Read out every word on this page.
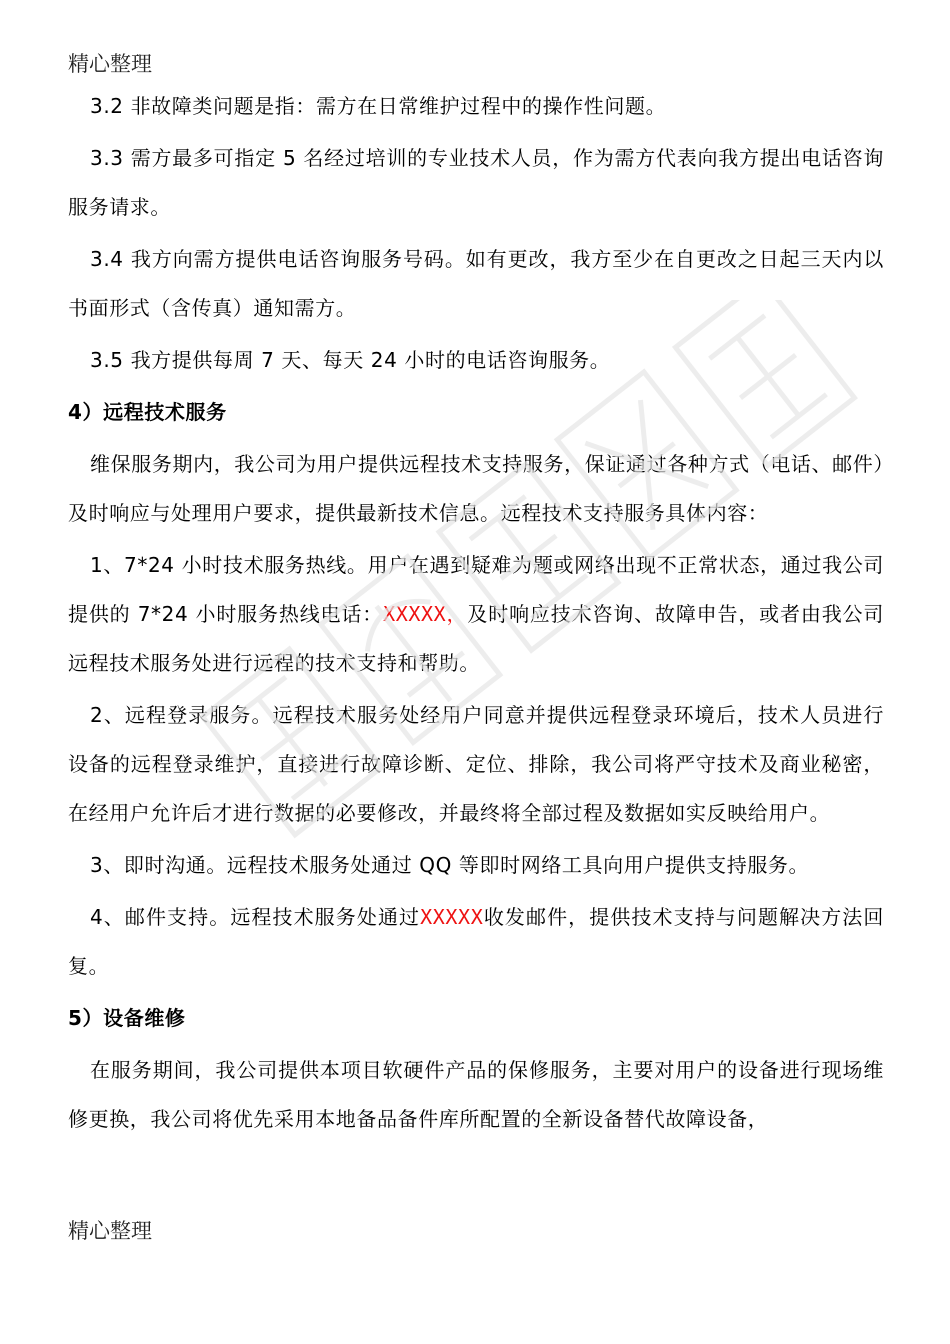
精心整理

3.2 非故障类问题是指：需方在日常维护过程中的操作性问题。

3.3 需方最多可指定 5 名经过培训的专业技术人员，作为需方代表向我方提出电话咨询服务请求。

3.4 我方向需方提供电话咨询服务号码。如有更改，我方至少在自更改之日起三天内以书面形式（含传真）通知需方。

3.5 我方提供每周 7 天、每天 24 小时的电话咨询服务。

4）远程技术服务

维保服务期内，我公司为用户提供远程技术支持服务，保证通过各种方式（电话、邮件）及时响应与处理用户要求，提供最新技术信息。远程技术支持服务具体内容：

1、7*24 小时技术服务热线。用户在遇到疑难为题或网络出现不正常状态，通过我公司提供的 7*24 小时服务热线电话：XXXXX，及时响应技术咨询、故障申告，或者由我公司远程技术服务处进行远程的技术支持和帮助。

2、远程登录服务。远程技术服务处经用户同意并提供远程登录环境后，技术人员进行设备的远程登录维护，直接进行故障诊断、定位、排除，我公司将严守技术及商业秘密，在经用户允许后才进行数据的必要修改，并最终将全部过程及数据如实反映给用户。

3、即时沟通。远程技术服务处通过 QQ 等即时网络工具向用户提供支持服务。

4、邮件支持。远程技术服务处通过XXXXX收发邮件，提供技术支持与问题解决方法回复。

5）设备维修

在服务期间，我公司提供本项目软硬件产品的保修服务，主要对用户的设备进行现场维修更换，我公司将优先采用本地备品备件库所配置的全新设备替代故障设备，

精心整理
